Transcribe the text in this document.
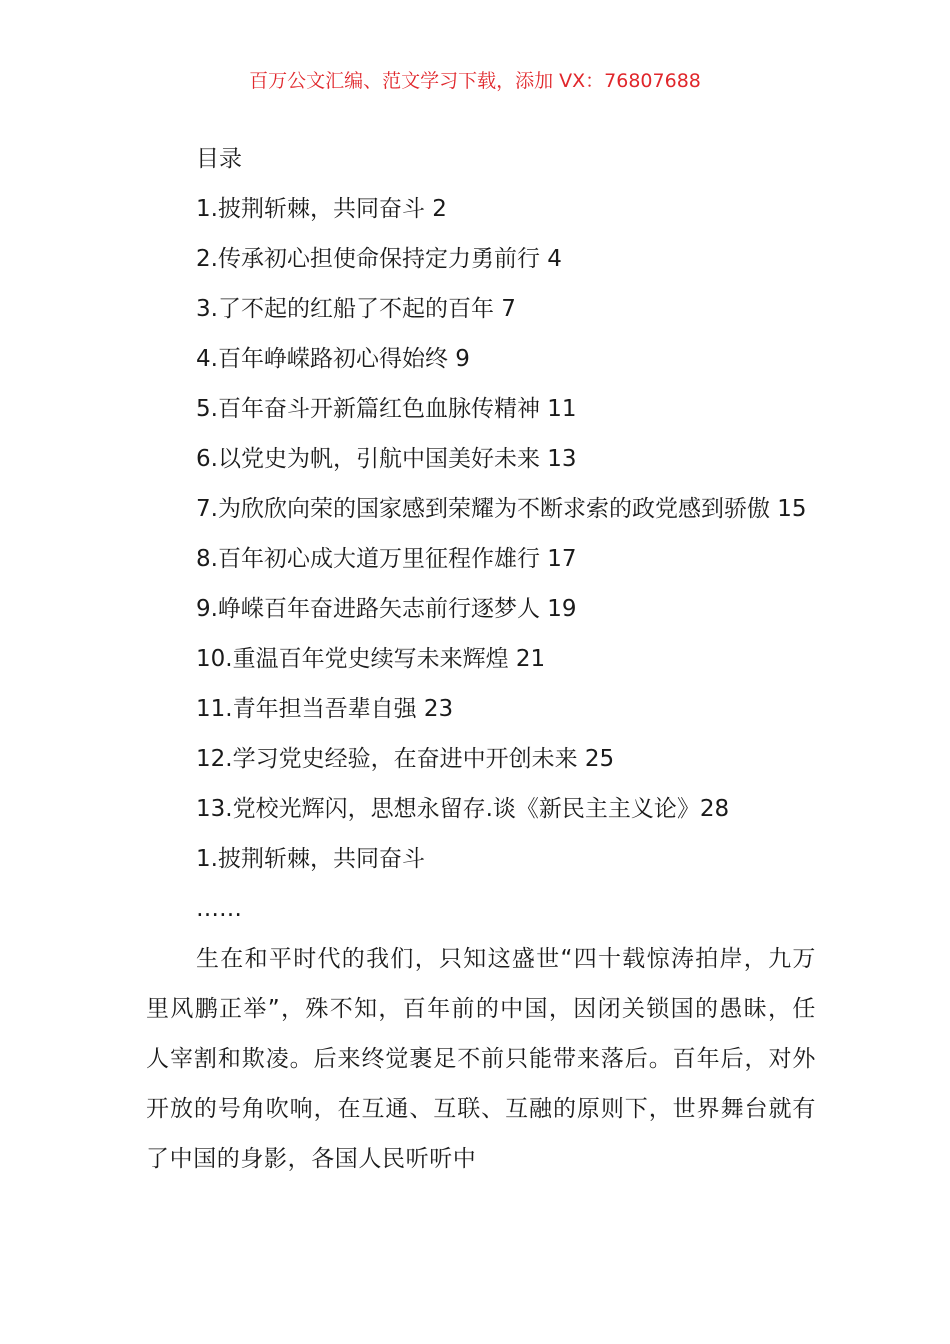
百万公文汇编、范文学习下载，添加 VX：76807688

目录

1.披荆斩棘，共同奋斗 2

2.传承初心担使命保持定力勇前行 4

3.了不起的红船了不起的百年 7

4.百年峥嵘路初心得始终 9

5.百年奋斗开新篇红色血脉传精神 11

6.以党史为帆，引航中国美好未来 13

7.为欣欣向荣的国家感到荣耀为不断求索的政党感到骄傲 15

8.百年初心成大道万里征程作雄行 17

9.峥嵘百年奋进路矢志前行逐梦人 19

10.重温百年党史续写未来辉煌 21

11.青年担当吾辈自强 23

12.学习党史经验，在奋进中开创未来 25

13.党校光辉闪，思想永留存.谈《新民主主义论》28

1.披荆斩棘，共同奋斗

……

生在和平时代的我们，只知这盛世“四十载惊涛拍岸，九万里风鹏正举”，殊不知，百年前的中国，因闭关锁国的愚昧，任人宰割和欺凌。后来终觉裹足不前只能带来落后。百年后，对外开放的号角吹响，在互通、互联、互融的原则下，世界舞台就有了中国的身影，各国人民听听中
